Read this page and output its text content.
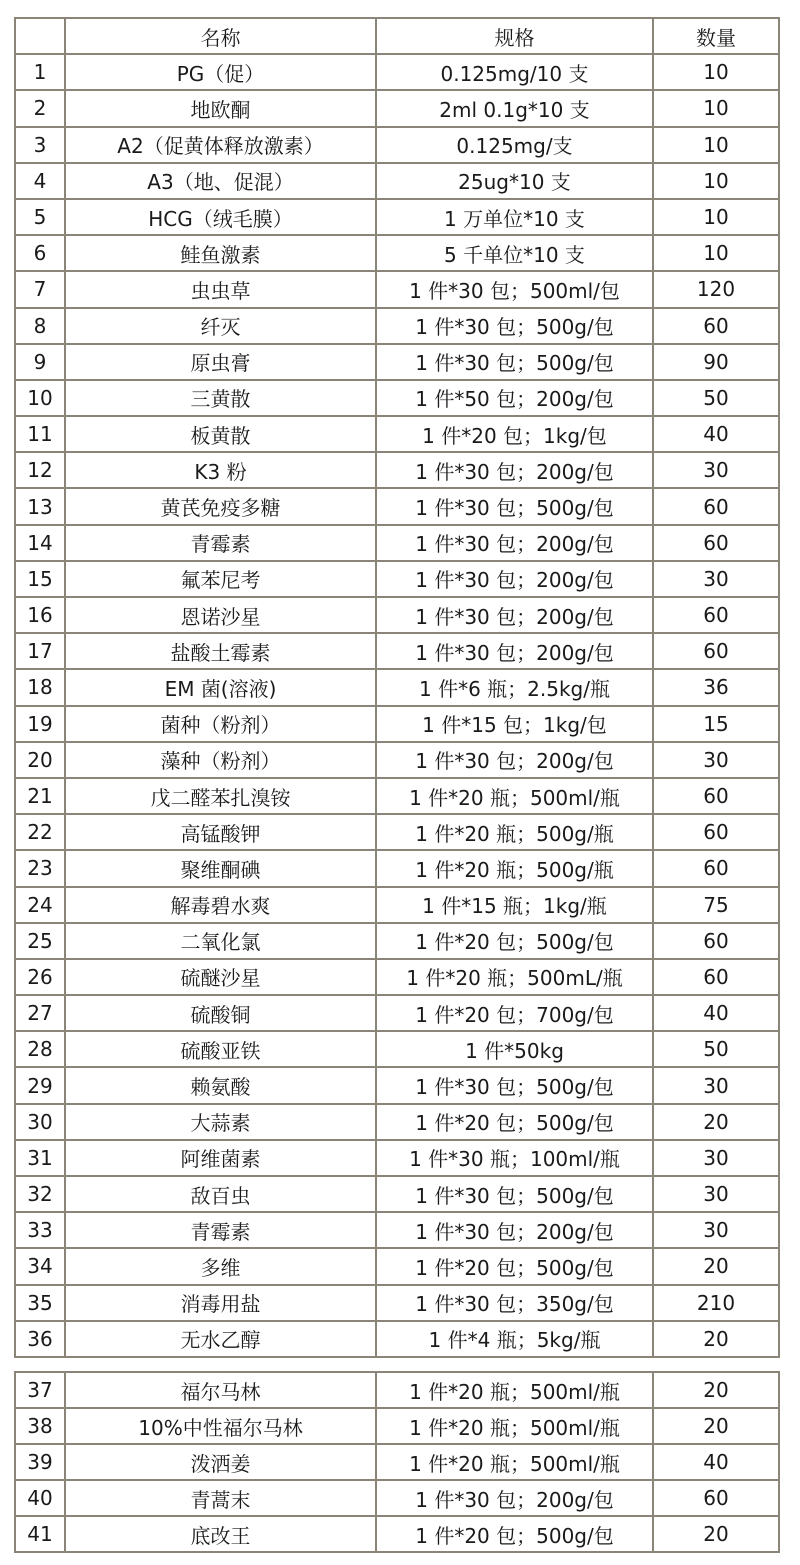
	名称	规格	数量
1	PG（促）	0.125mg/10 支	10
2	地欧酮	2ml 0.1g*10 支	10
3	A2（促黄体释放激素）	0.125mg/支	10
4	A3（地、促混）	25ug*10 支	10
5	HCG（绒毛膜）	1 万单位*10 支	10
6	鲑鱼激素	5 千单位*10 支	10
7	虫虫草	1 件*30 包；500ml/包	120
8	纤灭	1 件*30 包；500g/包	60
9	原虫膏	1 件*30 包；500g/包	90
10	三黄散	1 件*50 包；200g/包	50
11	板黄散	1 件*20 包；1kg/包	40
12	K3 粉	1 件*30 包；200g/包	30
13	黄芪免疫多糖	1 件*30 包；500g/包	60
14	青霉素	1 件*30 包；200g/包	60
15	氟苯尼考	1 件*30 包；200g/包	30
16	恩诺沙星	1 件*30 包；200g/包	60
17	盐酸土霉素	1 件*30 包；200g/包	60
18	EM 菌(溶液)	1 件*6 瓶；2.5kg/瓶	36
19	菌种（粉剂）	1 件*15 包；1kg/包	15
20	藻种（粉剂）	1 件*30 包；200g/包	30
21	戊二醛苯扎溴铵	1 件*20 瓶；500ml/瓶	60
22	高锰酸钾	1 件*20 瓶；500g/瓶	60
23	聚维酮碘	1 件*20 瓶；500g/瓶	60
24	解毒碧水爽	1 件*15 瓶；1kg/瓶	75
25	二氧化氯	1 件*20 包；500g/包	60
26	硫醚沙星	1 件*20 瓶；500mL/瓶	60
27	硫酸铜	1 件*20 包；700g/包	40
28	硫酸亚铁	1 件*50kg	50
29	赖氨酸	1 件*30 包；500g/包	30
30	大蒜素	1 件*20 包；500g/包	20
31	阿维菌素	1 件*30 瓶；100ml/瓶	30
32	敌百虫	1 件*30 包；500g/包	30
33	青霉素	1 件*30 包；200g/包	30
34	多维	1 件*20 包；500g/包	20
35	消毒用盐	1 件*30 包；350g/包	210
36	无水乙醇	1 件*4 瓶；5kg/瓶	20
37	福尔马林	1 件*20 瓶；500ml/瓶	20
38	10%中性福尔马林	1 件*20 瓶；500ml/瓶	20
39	泼洒姜	1 件*20 瓶；500ml/瓶	40
40	青蒿末	1 件*30 包；200g/包	60
41	底改王	1 件*20 包；500g/包	20
